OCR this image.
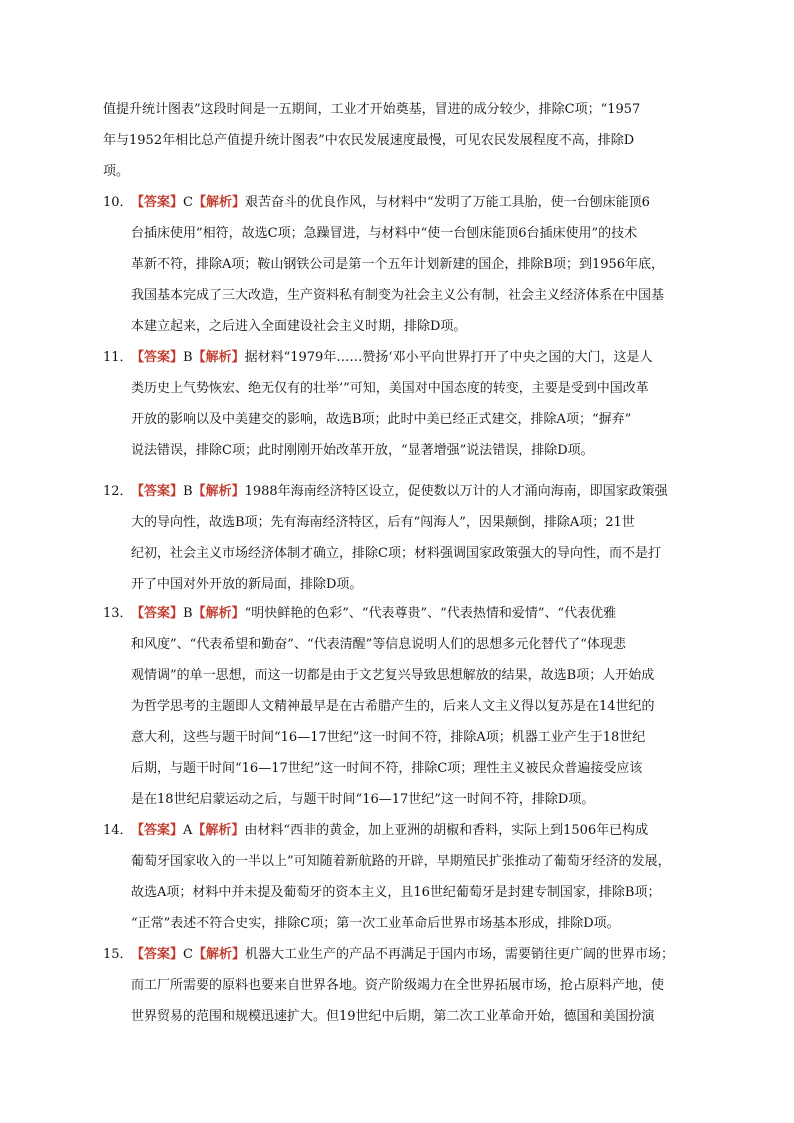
值提升统计图表”这段时间是一五期间，工业才开始奠基，冒进的成分较少，排除C项；“1957
年与1952年相比总产值提升统计图表”中农民发展速度最慢，可见农民发展程度不高，排除D
项。
10．
【答案】C【解析】艰苦奋斗的优良作风，与材料中“发明了万能工具胎，使一台刨床能顶6
台插床使用”相符，故选C项；急躁冒进，与材料中“使一台刨床能顶6台插床使用”的技术
革新不符，排除A项；鞍山钢铁公司是第一个五年计划新建的国企，排除B项；到1956年底，
我国基本完成了三大改造，生产资料私有制变为社会主义公有制，社会主义经济体系在中国基
本建立起来，之后进入全面建设社会主义时期，排除D项。
11．
【答案】B【解析】据材料“1979年……赞扬‘邓小平向世界打开了中央之国的大门，这是人
类历史上气势恢宏、绝无仅有的壮举’”可知，美国对中国态度的转变，主要是受到中国改革
开放的影响以及中美建交的影响，故选B项；此时中美已经正式建交，排除A项；“摒弃”
说法错误，排除C项；此时刚刚开始改革开放，“显著增强”说法错误，排除D项。
12．
【答案】B【解析】1988年海南经济特区设立，促使数以万计的人才涌向海南，即国家政策强
大的导向性，故选B项；先有海南经济特区，后有“闯海人”，因果颠倒，排除A项；21世
纪初，社会主义市场经济体制才确立，排除C项；材料强调国家政策强大的导向性，而不是打
开了中国对外开放的新局面，排除D项。
13．
【答案】B【解析】“明快鲜艳的色彩”、“代表尊贵”、“代表热情和爱情”、“代表优雅
和风度”、“代表希望和勤奋”、“代表清醒”等信息说明人们的思想多元化替代了“体现悲
观情调”的单一思想，而这一切都是由于文艺复兴导致思想解放的结果，故选B项；人开始成
为哲学思考的主题即人文精神最早是在古希腊产生的，后来人文主义得以复苏是在14世纪的
意大利，这些与题干时间“16—17世纪”这一时间不符，排除A项；机器工业产生于18世纪
后期，与题干时间“16—17世纪”这一时间不符，排除C项；理性主义被民众普遍接受应该
是在18世纪启蒙运动之后，与题干时间“16—17世纪”这一时间不符，排除D项。
14．
【答案】A【解析】由材料“西非的黄金，加上亚洲的胡椒和香料，实际上到1506年已构成
葡萄牙国家收入的一半以上”可知随着新航路的开辟，早期殖民扩张推动了葡萄牙经济的发展，
故选A项；材料中并未提及葡萄牙的资本主义，且16世纪葡萄牙是封建专制国家，排除B项；
“正常”表述不符合史实，排除C项；第一次工业革命后世界市场基本形成，排除D项。
15．
【答案】C【解析】机器大工业生产的产品不再满足于国内市场，需要销往更广阔的世界市场；
而工厂所需要的原料也要来自世界各地。资产阶级竭力在全世界拓展市场，抢占原料产地，使
世界贸易的范围和规模迅速扩大。但19世纪中后期，第二次工业革命开始，德国和美国扮演
